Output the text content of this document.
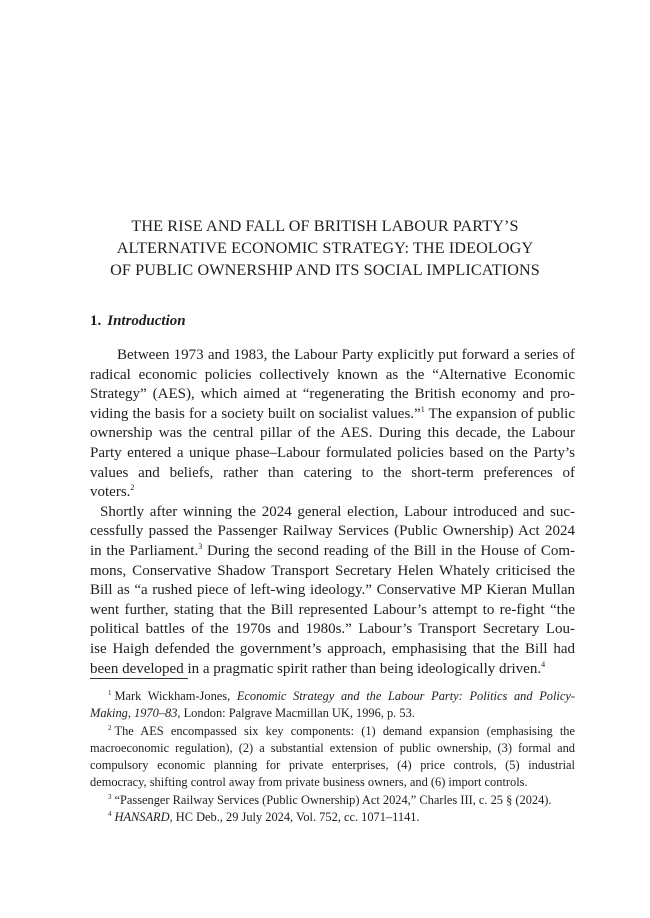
THE RISE AND FALL OF BRITISH LABOUR PARTY’S
ALTERNATIVE ECONOMIC STRATEGY: THE IDEOLOGY
OF PUBLIC OWNERSHIP AND ITS SOCIAL IMPLICATIONS
1. Introduction
Between 1973 and 1983, the Labour Party explicitly put forward a series of
radical economic policies collectively known as the “Alternative Economic
Strategy” (AES), which aimed at “regenerating the British economy and pro-
viding the basis for a society built on socialist values.”$^1$ The expansion of public
ownership was the central pillar of the AES. During this decade, the Labour
Party entered a unique phase–Labour formulated policies based on the Party’s
values and beliefs, rather than catering to the short-term preferences of
voters.$^2$
Shortly after winning the 2024 general election, Labour introduced and suc-
cessfully passed the Passenger Railway Services (Public Ownership) Act 2024
in the Parliament.$^3$ During the second reading of the Bill in the House of Com-
mons, Conservative Shadow Transport Secretary Helen Whately criticised the
Bill as “a rushed piece of left-wing ideology.” Conservative MP Kieran Mullan
went further, stating that the Bill represented Labour’s attempt to re-fight “the
political battles of the 1970s and 1980s.” Labour’s Transport Secretary Lou-
ise Haigh defended the government’s approach, emphasising that the Bill had
been developed in a pragmatic spirit rather than being ideologically driven.$^4$
$^1$ Mark Wickham-Jones, Economic Strategy and the Labour Party: Politics and Policy-
Making, 1970–83, London: Palgrave Macmillan UK, 1996, p. 53.
$^2$ The AES encompassed six key components: (1) demand expansion (emphasising the
macroeconomic regulation), (2) a substantial extension of public ownership, (3) formal and
compulsory economic planning for private enterprises, (4) price controls, (5) industrial
democracy, shifting control away from private business owners, and (6) import controls.
$^3$ “Passenger Railway Services (Public Ownership) Act 2024,” Charles III, c. 25 § (2024).
$^4$ HANSARD, HC Deb., 29 July 2024, Vol. 752, cc. 1071–1141.
